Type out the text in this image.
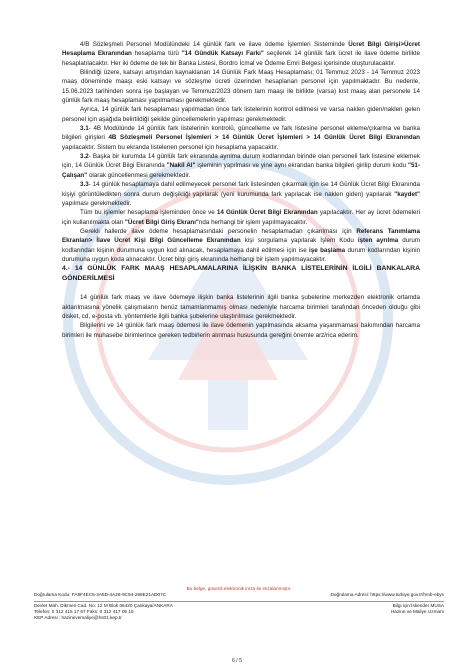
4/B Sözleşmeli Personel Modülündeki 14 günlük fark ve ilave ödeme İşlemleri Sisteminde Ücret Bilgi Girişi>Ücret Hesaplama Ekranından hesaplama türü "14 Gündük Katsayı Farkı" seçilerek 14 günlük fark ücret ile ilave ödeme birlikte hesaplatılacaktır. Her iki ödeme de tek bir Banka Listesi, Bordro İcmal ve Ödeme Emri Belgesi içerisinde oluşturulacaktır.

Bilindiği üzere, katsayı artışından kaynaklanan 14 Günlük Fark Maaş Hesaplaması; 01 Temmuz 2023 - 14 Temmuz 2023 maaş döneminde maaşı eski katsayı ve sözleşme ücreti üzerinden hesaplanan personel için yapılmaktadır. Bu nedenle, 15.06.2023 tarihinden sonra işe başlayan ve Temmuz/2023 dönem tam maaşı ile birlikte (varsa) kıst maaş alan personele 14 günlük fark maaş hesaplaması yapılmaması gerekmektedir.

Ayrıca, 14 günlük fark hesaplaması yapılmadan önce fark listelerinin kontrol edilmesi ve varsa naklen giden/naklen gelen personel için aşağıda belirtildiği şekilde güncellemelerin yapılması gerekmektedir.

3.1- 4B Modülünde 14 günlük fark listelerinin kontrolü, güncelleme ve fark listesine personel ekleme/çıkarma ve banka bilgileri girişleri 4B Sözleşmeli Personel İşlemleri > 14 Günlük Ücret İşlemleri > 14 Günlük Ücret Bilgi Ekranından yapılacaktır. Sistem bu ekranda listelenen personel için hesaplama yapacaktır.

3.2- Başka bir kurumda 14 günlük fark ekranında ayrılma durum kodlarından birinde olan personeli fark listesine eklemek için, 14 Günlük Ücret Bilgi Ekranında "Nakil Al" işleminin yapılması ve yine aynı ekrandan banka bilgileri girilip durum kodu "51- Çalışan" olarak güncellenmesi gerekmektedir.

3.3- 14 günlük hesaplamaya dahil edilmeyecek personel fark listesinden çıkarmak için ise 14 Günlük Ücret Bilgi Ekranında kişiyi görüntüledikten sonra durum değişikliği yapılarak (yeni kurumunda fark yapılacak ise naklen giden) yapılarak "kaydet" yapılması gerekmektedir.

Tüm bu işlemler hesaplama işleminden önce ve 14 Günlük Ücret Bilgi Ekranından yapılacaktır. Her ay ücret ödemeleri için kullanılmakta olan "Ücret Bilgi Giriş Ekranı"nda herhangi bir işlem yapılmayacaktır.

Gerekli hallerde ilave ödeme hesaplamasındaki personelin hesaplamadan çıkarılması için Referans Tanımlama Ekranları> İlave Ücret Kişi Bilgi Güncelleme Ekranından kişi sorgulama yapılarak İşlem Kodu işten ayrılma durum kodlarından kişinin durumuna uygun kod alınacak, hesaplamaya dahil edilmesi için ise işe başlama durum kodlarından kişinin durumuna uygun koda alınacaktır. Ücret bilgi giriş ekranında herhangi bir işlem yapılmayacaktır.

4.- 14 GÜNLÜK FARK MAAŞ HESAPLAMALARINA İLİŞKİN BANKA LİSTELERİNİN İLGİLİ BANKALARA GÖNDERİLMESİ

14 günlük fark maaş ve ilave ödemeye ilişkin banka listelerinin ilgili banka şubelerine merkezden elektronik ortamda aktarılmasına yönelik çalışmaların henüz tamamlanmamış olması nedeniyle harcama birimleri tarafından önceden olduğu gibi disket, cd, e-posta vb. yöntemlerle ilgili banka şubelerine ulaştırılması gerekmektedir.

Bilgilerini ve 14 günlük fark maaş ödemesi ile ilave ödemenin yapılmasında aksama yaşanmaması bakımından harcama birimleri ile muhasebe birimlerince gereken tedbirlerin alınması hususunda gereğini önemle arz/rica ederim.

Bu belge, güvenli elektronik imza ile imzalanmıştır.
Doğrulama Kodu: FA9F4EC5-3A5D-4A26-9C94-268E21AD07C	Doğrulama Adresi: https://www.turkiye.gov.tr/hmb-ebys
Devlet Mah. Dikmen Cad. No: 12 M Blok 06420 Çankaya/ANKARA	Bilgi için:İskender MUSA
Telefon: 0 312 415 17 67 Faks: 0 312 417 05 15	Hazine ve Maliye Uzmanı
KEP Adresi : hazinevemaliye@hs01.kep.tr
6 / 5
